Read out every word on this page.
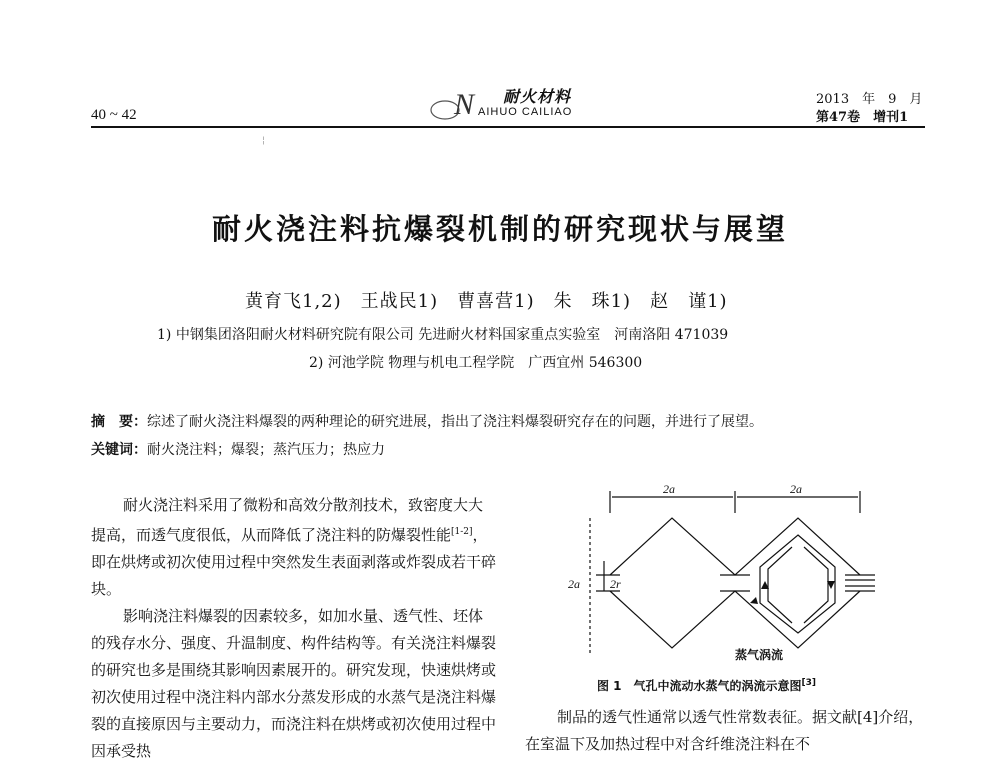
40 ~ 42	N 耐火材料
AIHUO CAILIAO
2013　年　9　月
第47卷　增刊1
¦
耐火浇注料抗爆裂机制的研究现状与展望
黄育飞1,2)　王战民1)　曹喜营1)　朱　珠1)　赵　谨1)
1) 中钢集团洛阳耐火材料研究院有限公司 先进耐火材料国家重点实验室　河南洛阳 471039
2) 河池学院 物理与机电工程学院　广西宜州 546300
摘　要：综述了耐火浇注料爆裂的两种理论的研究进展，指出了浇注料爆裂研究存在的问题，并进行了展望。
关键词：耐火浇注料；爆裂；蒸汽压力；热应力

耐火浇注料采用了微粉和高效分散剂技术，致密度大大提高，而透气度很低，从而降低了浇注料的防爆裂性能[1-2]，即在烘烤或初次使用过程中突然发生表面剥落或炸裂成若干碎块。

影响浇注料爆裂的因素较多，如加水量、透气性、坯体的残存水分、强度、升温制度、构件结构等。有关浇注料爆裂的研究也多是围绕其影响因素展开的。研究发现，快速烘烤或初次使用过程中浇注料内部水分蒸发形成的水蒸气是浇注料爆裂的直接原因与主要动力，而浇注料在烘烤或初次使用过程中因承受热

2a	2a
2a	2r
蒸气涡流
图 1　气孔中流动水蒸气的涡流示意图[3]

制品的透气性通常以透气性常数表征。据文献[4]介绍，在室温下及加热过程中对含纤维浇注料在不
